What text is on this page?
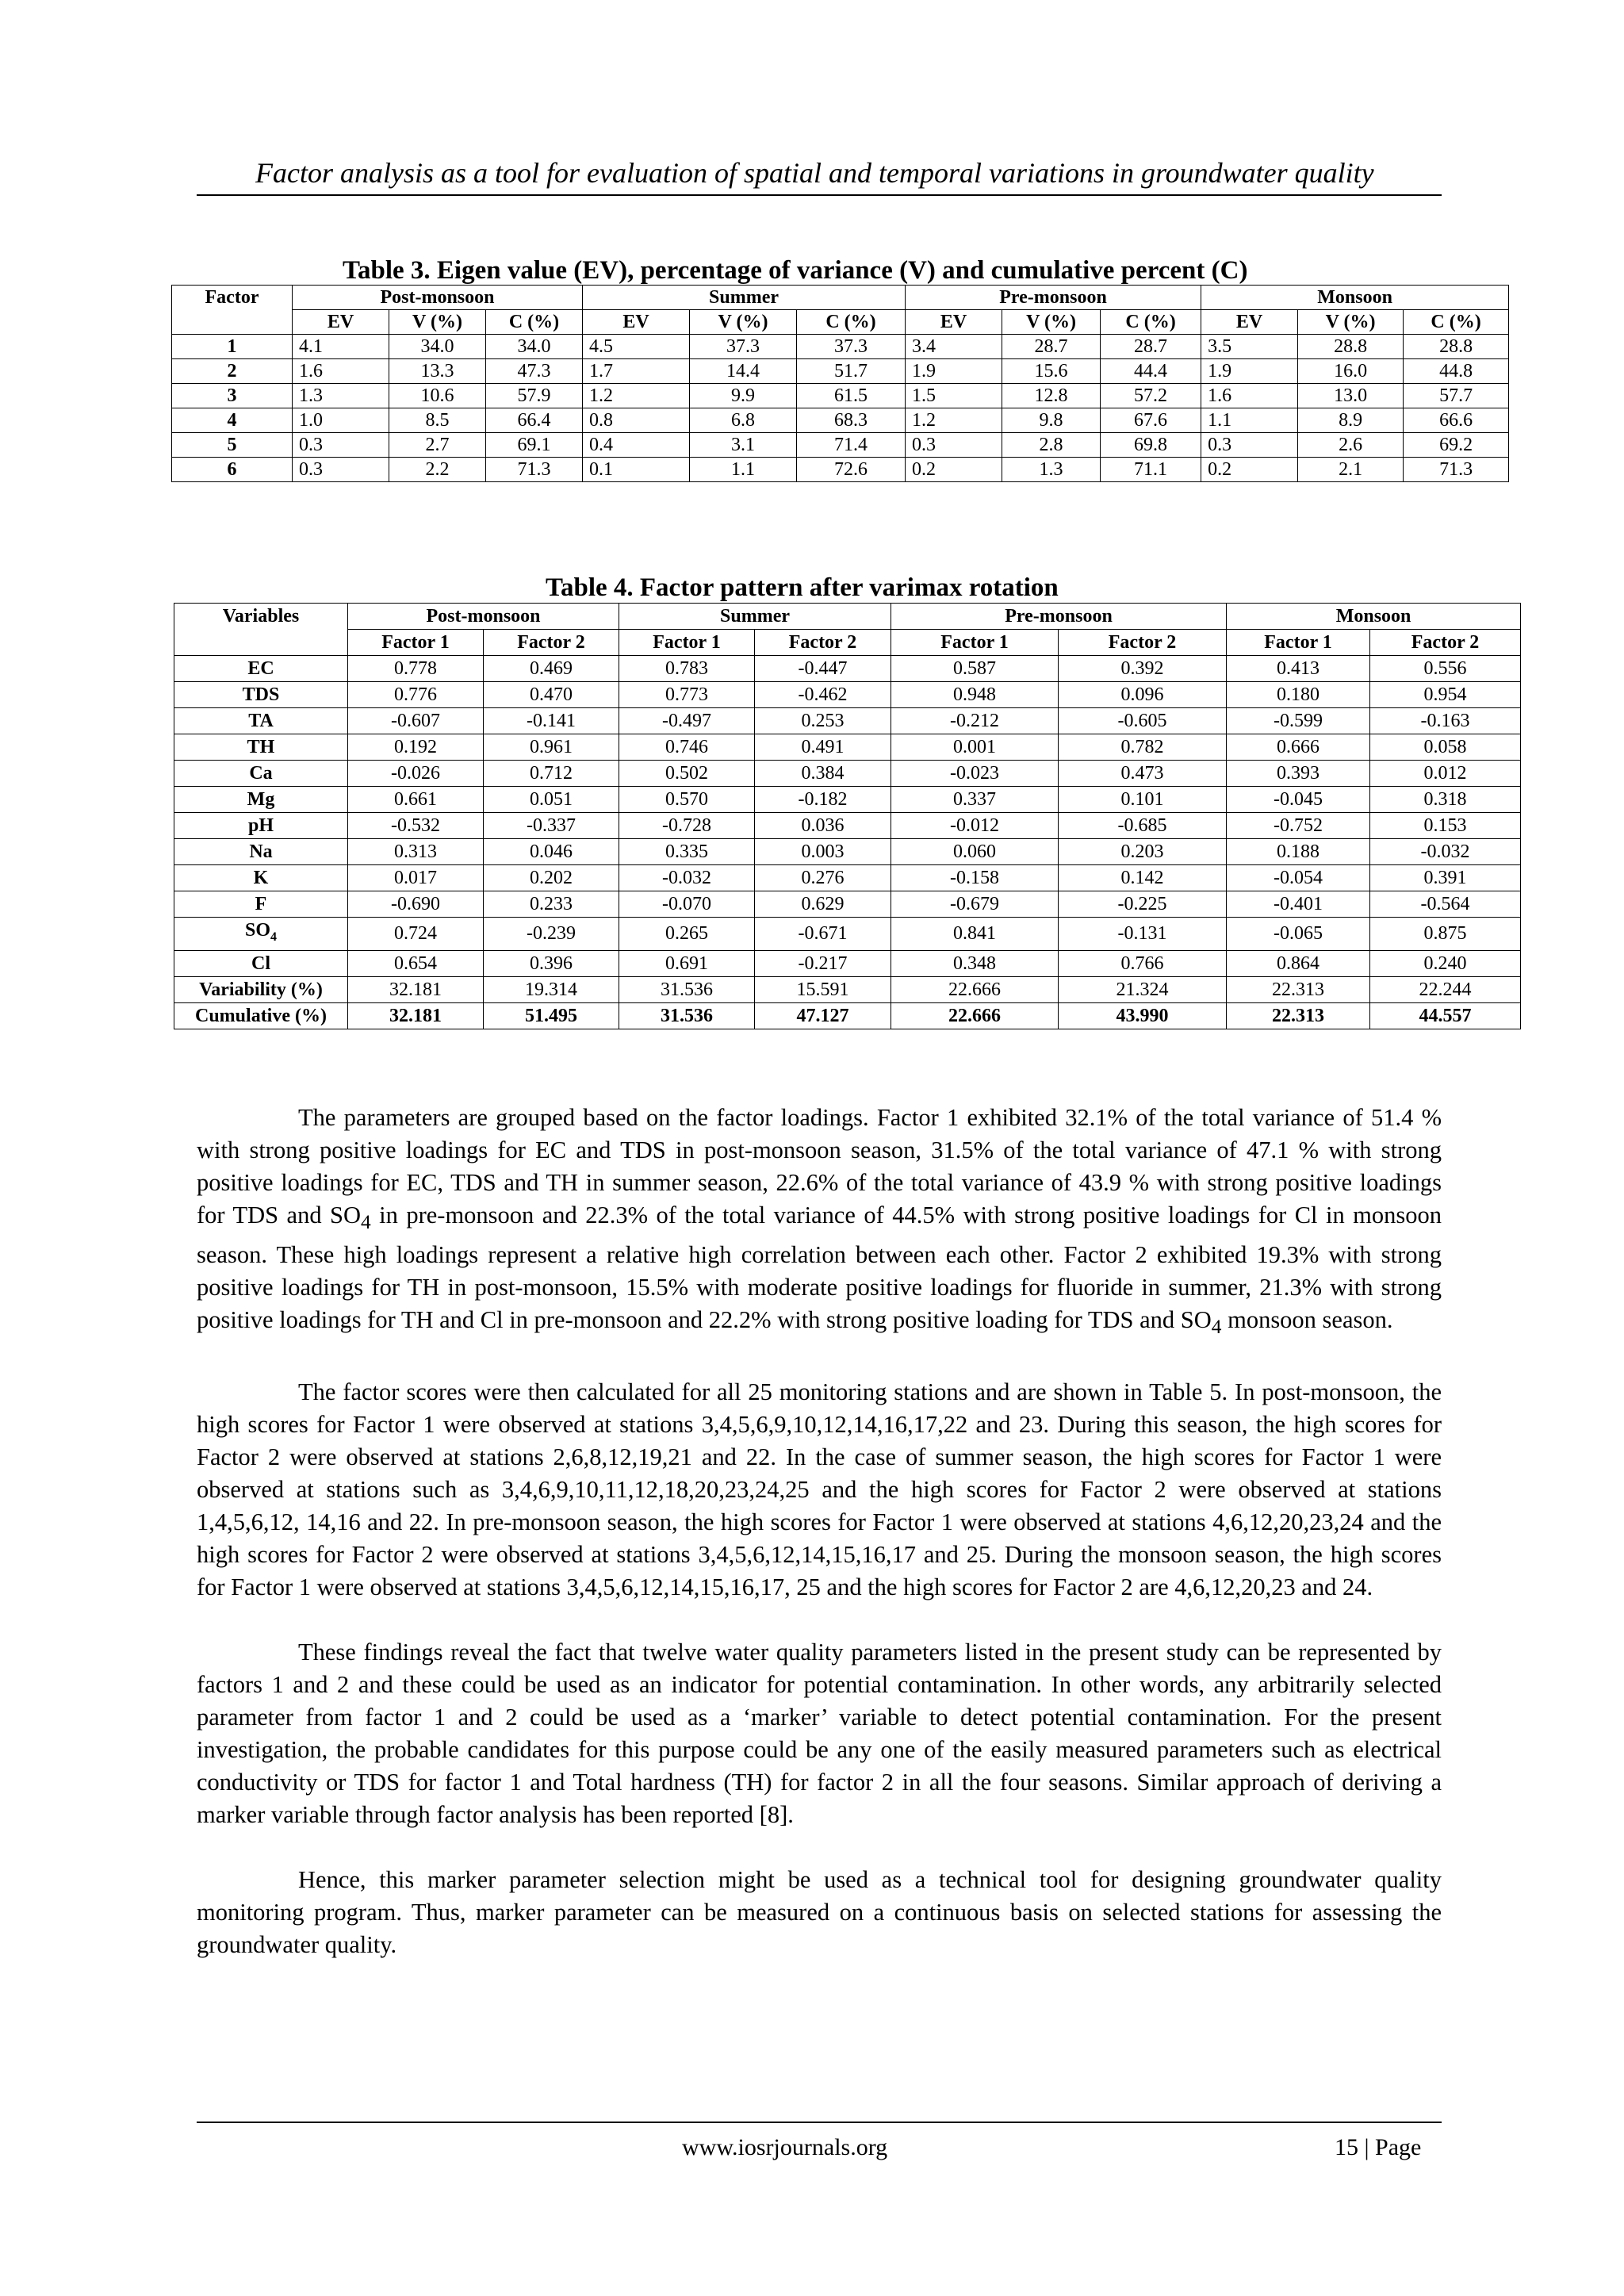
Factor analysis as a tool for evaluation of spatial and temporal variations in groundwater quality
Table 3. Eigen value (EV), percentage of variance (V) and cumulative percent (C)
Factor	Post-monsoon			Summer			Pre-monsoon			Monsoon		
	EV	V (%)	C (%)	EV	V (%)	C (%)	EV	V (%)	C (%)	EV	V (%)	C (%)
1	4.1	34.0	34.0	4.5	37.3	37.3	3.4	28.7	28.7	3.5	28.8	28.8
2	1.6	13.3	47.3	1.7	14.4	51.7	1.9	15.6	44.4	1.9	16.0	44.8
3	1.3	10.6	57.9	1.2	9.9	61.5	1.5	12.8	57.2	1.6	13.0	57.7
4	1.0	8.5	66.4	0.8	6.8	68.3	1.2	9.8	67.6	1.1	8.9	66.6
5	0.3	2.7	69.1	0.4	3.1	71.4	0.3	2.8	69.8	0.3	2.6	69.2
6	0.3	2.2	71.3	0.1	1.1	72.6	0.2	1.3	71.1	0.2	2.1	71.3
Table 4. Factor pattern after varimax rotation
Variables	Post-monsoon		Summer		Pre-monsoon		Monsoon	
	Factor 1	Factor 2	Factor 1	Factor 2	Factor 1	Factor 2	Factor 1	Factor 2
EC	0.778	0.469	0.783	-0.447	0.587	0.392	0.413	0.556
TDS	0.776	0.470	0.773	-0.462	0.948	0.096	0.180	0.954
TA	-0.607	-0.141	-0.497	0.253	-0.212	-0.605	-0.599	-0.163
TH	0.192	0.961	0.746	0.491	0.001	0.782	0.666	0.058
Ca	-0.026	0.712	0.502	0.384	-0.023	0.473	0.393	0.012
Mg	0.661	0.051	0.570	-0.182	0.337	0.101	-0.045	0.318
pH	-0.532	-0.337	-0.728	0.036	-0.012	-0.685	-0.752	0.153
Na	0.313	0.046	0.335	0.003	0.060	0.203	0.188	-0.032
K	0.017	0.202	-0.032	0.276	-0.158	0.142	-0.054	0.391
F	-0.690	0.233	-0.070	0.629	-0.679	-0.225	-0.401	-0.564
$SO_4$	0.724	-0.239	0.265	-0.671	0.841	-0.131	-0.065	0.875
Cl	0.654	0.396	0.691	-0.217	0.348	0.766	0.864	0.240
Variability (%)	32.181	19.314	31.536	15.591	22.666	21.324	22.313	22.244
Cumulative (%)	32.181	51.495	31.536	47.127	22.666	43.990	22.313	44.557

The parameters are grouped based on the factor loadings. Factor 1 exhibited 32.1% of the total variance of 51.4 % with strong positive loadings for EC and TDS in post-monsoon season, 31.5% of the total variance of 47.1 % with strong positive loadings for EC, TDS and TH in summer season, 22.6% of the total variance of 43.9 % with strong positive loadings for TDS and $SO_4$ in pre-monsoon and 22.3% of the total variance of 44.5% with strong positive loadings for Cl in monsoon season. These high loadings represent a relative high correlation between each other. Factor 2 exhibited 19.3% with strong positive loadings for TH in post-monsoon, 15.5% with moderate positive loadings for fluoride in summer, 21.3% with strong positive loadings for TH and Cl in pre-monsoon and 22.2% with strong positive loading for TDS and $SO_4$ monsoon season.

The factor scores were then calculated for all 25 monitoring stations and are shown in Table 5. In post-monsoon, the high scores for Factor 1 were observed at stations 3,4,5,6,9,10,12,14,16,17,22 and 23. During this season, the high scores for Factor 2 were observed at stations 2,6,8,12,19,21 and 22. In the case of summer season, the high scores for Factor 1 were observed at stations such as 3,4,6,9,10,11,12,18,20,23,24,25 and the high scores for Factor 2 were observed at stations 1,4,5,6,12, 14,16 and 22. In pre-monsoon season, the high scores for Factor 1 were observed at stations 4,6,12,20,23,24 and the high scores for Factor 2 were observed at stations 3,4,5,6,12,14,15,16,17 and 25. During the monsoon season, the high scores for Factor 1 were observed at stations 3,4,5,6,12,14,15,16,17, 25 and the high scores for Factor 2 are 4,6,12,20,23 and 24.

These findings reveal the fact that twelve water quality parameters listed in the present study can be represented by factors 1 and 2 and these could be used as an indicator for potential contamination. In other words, any arbitrarily selected parameter from factor 1 and 2 could be used as a ‘marker’ variable to detect potential contamination. For the present investigation, the probable candidates for this purpose could be any one of the easily measured parameters such as electrical conductivity or TDS for factor 1 and Total hardness (TH) for factor 2 in all the four seasons. Similar approach of deriving a marker variable through factor analysis has been reported [8].

Hence, this marker parameter selection might be used as a technical tool for designing groundwater quality monitoring program. Thus, marker parameter can be measured on a continuous basis on selected stations for assessing the groundwater quality.

www.iosrjournals.org	15 | Page
